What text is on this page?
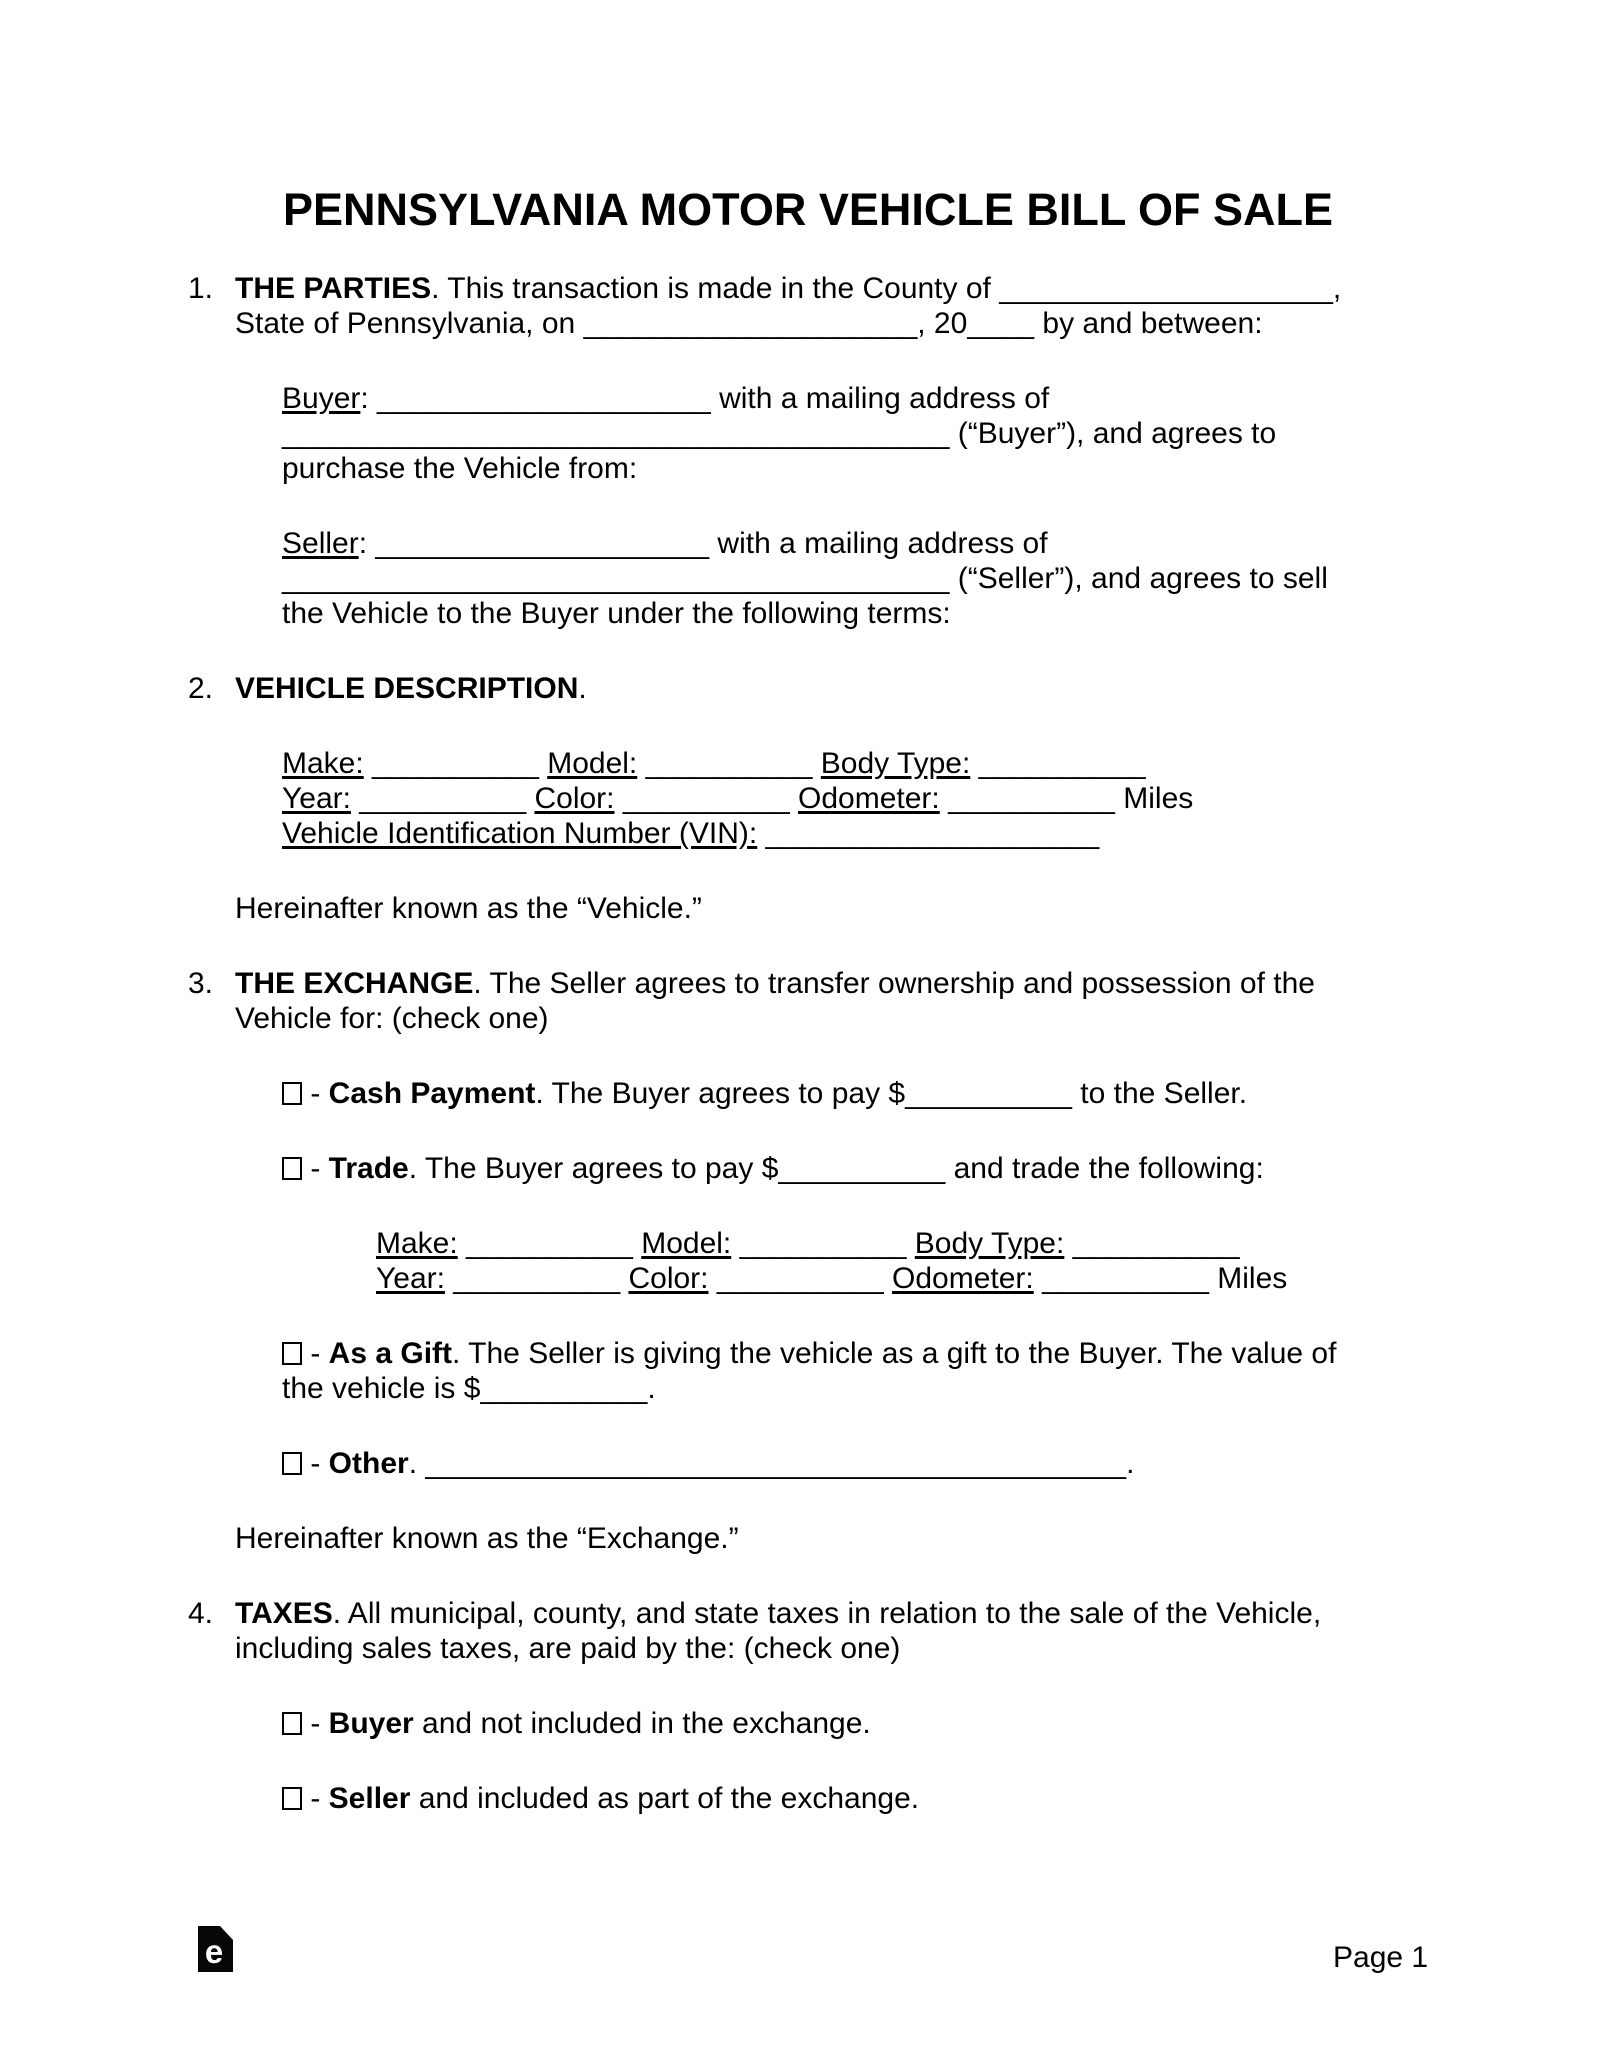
PENNSYLVANIA MOTOR VEHICLE BILL OF SALE
1. THE PARTIES. This transaction is made in the County of ____________________,
State of Pennsylvania, on ____________________, 20____ by and between:
Buyer: ____________________ with a mailing address of
________________________________________ (“Buyer”), and agrees to
purchase the Vehicle from:
Seller: ____________________ with a mailing address of
________________________________________ (“Seller”), and agrees to sell
the Vehicle to the Buyer under the following terms:
2. VEHICLE DESCRIPTION.
Make: __________ Model: __________ Body Type: __________
Year: __________ Color: __________ Odometer: __________ Miles
Vehicle Identification Number (VIN): ____________________
Hereinafter known as the “Vehicle.”
3. THE EXCHANGE. The Seller agrees to transfer ownership and possession of the
Vehicle for: (check one)
- Cash Payment. The Buyer agrees to pay $__________ to the Seller.
- Trade. The Buyer agrees to pay $__________ and trade the following:
Make: __________ Model: __________ Body Type: __________
Year: __________ Color: __________ Odometer: __________ Miles
- As a Gift. The Seller is giving the vehicle as a gift to the Buyer. The value of
the vehicle is $__________.
- Other. __________________________________________.
Hereinafter known as the “Exchange.”
4. TAXES. All municipal, county, and state taxes in relation to the sale of the Vehicle,
including sales taxes, are paid by the: (check one)
- Buyer and not included in the exchange.
- Seller and included as part of the exchange.
e	Page 1
